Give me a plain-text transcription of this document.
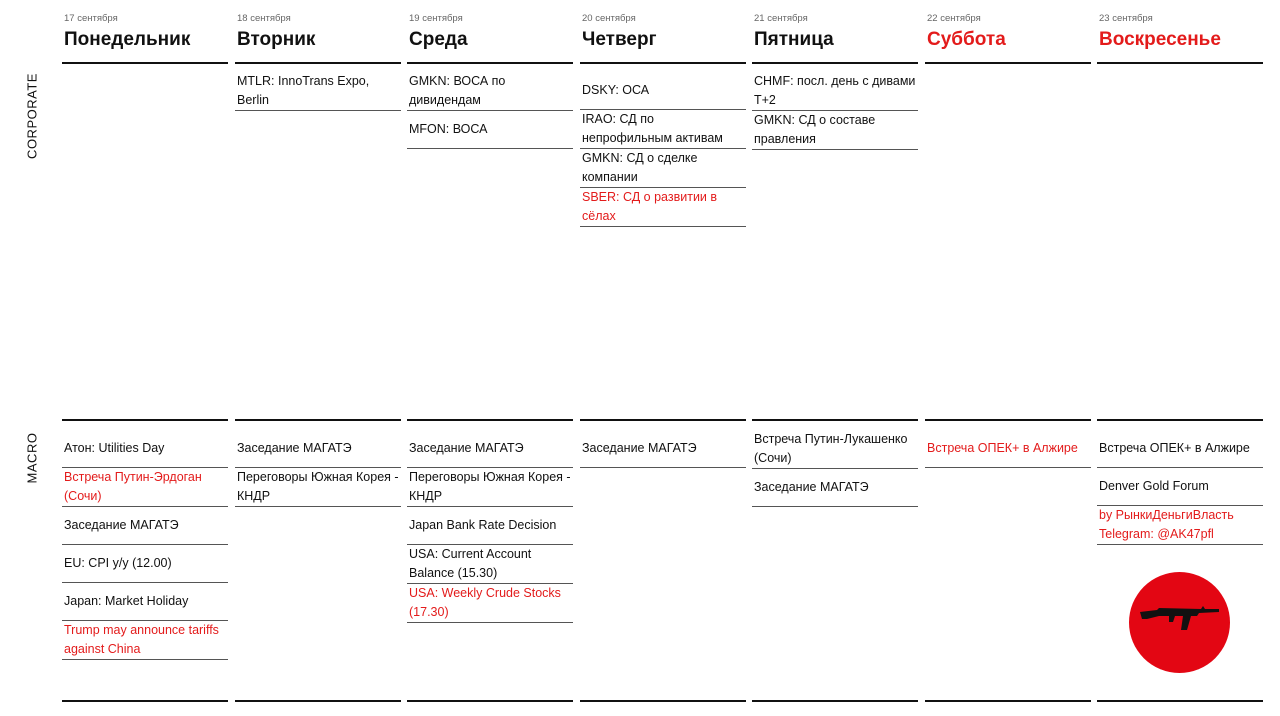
CORPORATE
MACRO
17 сентября
Понедельник
Атон: Utilities Day
Встреча Путин-Эрдоган (Сочи)
Заседание МАГАТЭ
EU: CPI y/y (12.00)
Japan: Market Holiday
Trump may announce tariffs against China
18 сентября
Вторник
MTLR: InnoTrans Expo, Berlin
Заседание МАГАТЭ
Переговоры Южная Корея - КНДР
19 сентября
Среда
GMKN: ВОСА по дивидендам
MFON: ВОСА
Заседание МАГАТЭ
Переговоры Южная Корея - КНДР
Japan Bank Rate Decision
USA: Current Account Balance (15.30)
USA: Weekly Crude Stocks (17.30)
20 сентября
Четверг
DSKY: ОСА
IRAO: СД по непрофильным активам
GMKN: СД о сделке компании
SBER: СД о развитии в сёлах
Заседание МАГАТЭ
21 сентября
Пятница
CHMF: посл. день с дивами T+2
GMKN: СД о составе правления
Встреча Путин-Лукашенко (Сочи)
Заседание МАГАТЭ
22 сентября
Суббота
Встреча ОПЕК+ в Алжире
23 сентября
Воскресенье
Встреча ОПЕК+ в Алжире
Denver Gold Forum
by РынкиДеньгиВласть Telegram: @AK47pfl
